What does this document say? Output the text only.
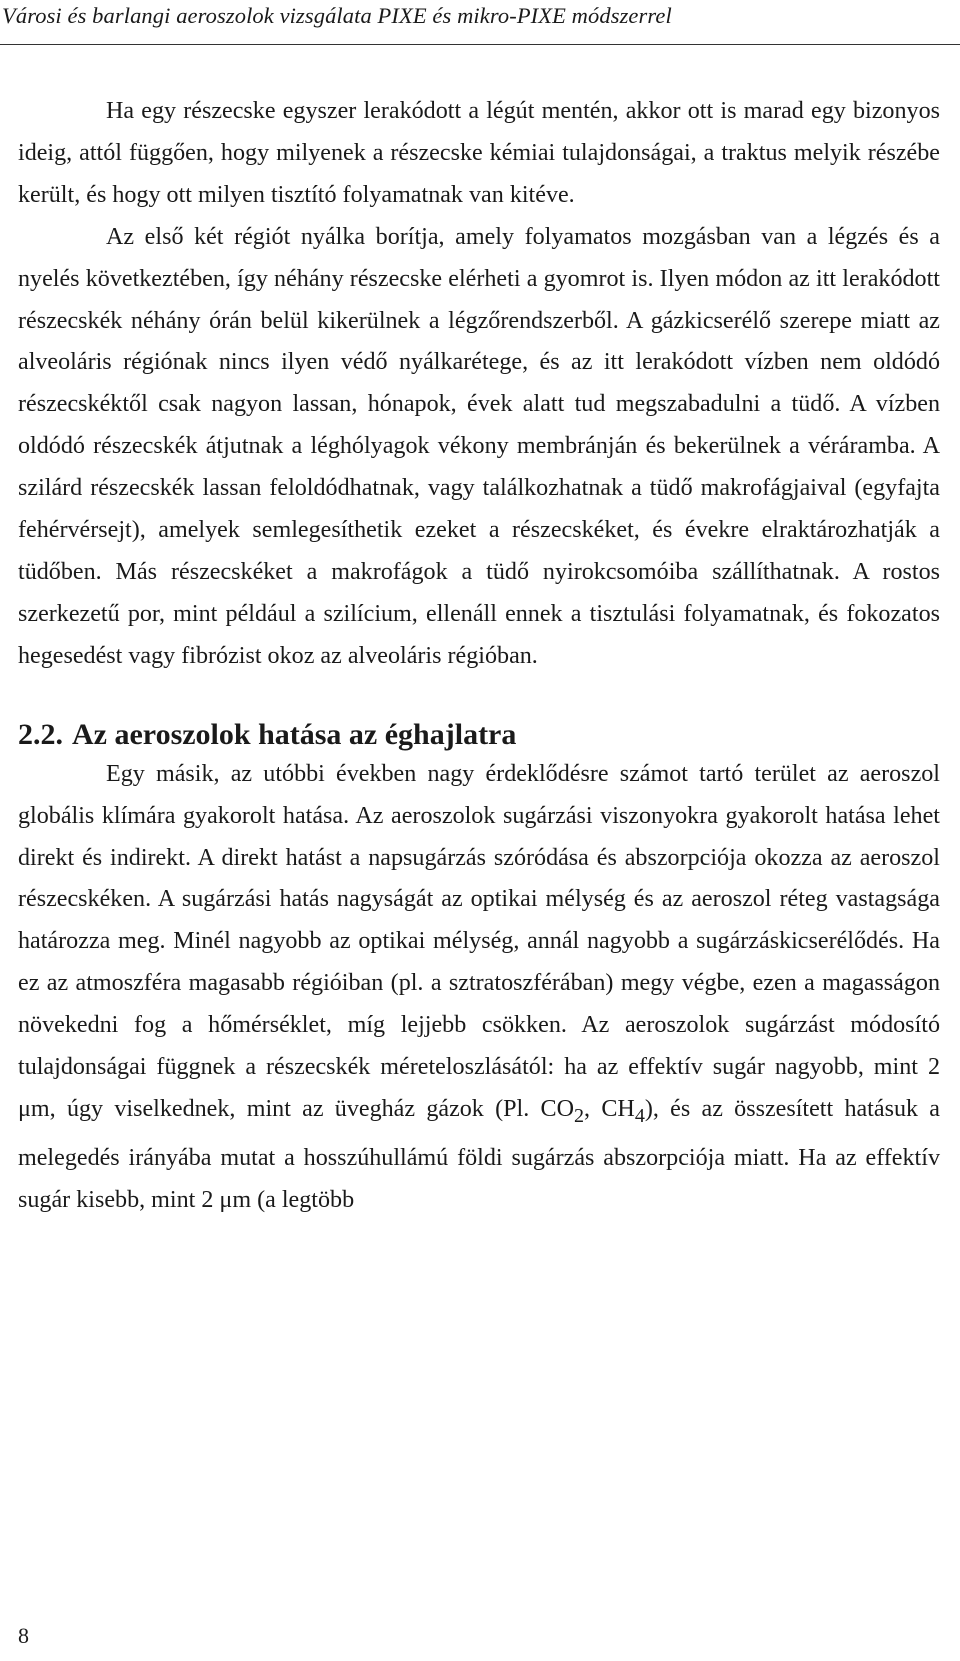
Városi és barlangi aeroszolok vizsgálata PIXE és mikro-PIXE módszerrel

Ha egy részecske egyszer lerakódott a légút mentén, akkor ott is marad egy bizonyos ideig, attól függően, hogy milyenek a részecske kémiai tulajdonságai, a traktus melyik részébe került, és hogy ott milyen tisztító folyamatnak van kitéve.

Az első két régiót nyálka borítja, amely folyamatos mozgásban van a légzés és a nyelés következtében, így néhány részecske elérheti a gyomrot is. Ilyen módon az itt lerakódott részecskék néhány órán belül kikerülnek a légzőrendszerből. A gázkicserélő szerepe miatt az alveoláris régiónak nincs ilyen védő nyálkarétege, és az itt lerakódott vízben nem oldódó részecskéktől csak nagyon lassan, hónapok, évek alatt tud megszabadulni a tüdő. A vízben oldódó részecskék átjutnak a léghólyagok vékony membránján és bekerülnek a véráramba. A szilárd részecskék lassan feloldódhatnak, vagy találkozhatnak a tüdő makrofágjaival (egyfajta fehérvérsejt), amelyek semlegesíthetik ezeket a részecskéket, és évekre elraktározhatják a tüdőben. Más részecskéket a makrofágok a tüdő nyirokcsomóiba szállíthatnak. A rostos szerkezetű por, mint például a szilícium, ellenáll ennek a tisztulási folyamatnak, és fokozatos hegesedést vagy fibrózist okoz az alveoláris régióban.

2.2. Az aeroszolok hatása az éghajlatra

Egy másik, az utóbbi években nagy érdeklődésre számot tartó terület az aeroszol globális klímára gyakorolt hatása. Az aeroszolok sugárzási viszonyokra gyakorolt hatása lehet direkt és indirekt. A direkt hatást a napsugárzás szóródása és abszorpciója okozza az aeroszol részecskéken. A sugárzási hatás nagyságát az optikai mélység és az aeroszol réteg vastagsága határozza meg. Minél nagyobb az optikai mélység, annál nagyobb a sugárzáskicserélődés. Ha ez az atmoszféra magasabb régióiban (pl. a sztratoszférában) megy végbe, ezen a magasságon növekedni fog a hőmérséklet, míg lejjebb csökken. Az aeroszolok sugárzást módosító tulajdonságai függnek a részecskék méreteloszlásától: ha az effektív sugár nagyobb, mint 2 μm, úgy viselkednek, mint az üvegház gázok (Pl. $CO_2$, $CH_4$), és az összesített hatásuk a melegedés irányába mutat a hosszúhullámú földi sugárzás abszorpciója miatt. Ha az effektív sugár kisebb, mint 2 μm (a legtöbb

8
